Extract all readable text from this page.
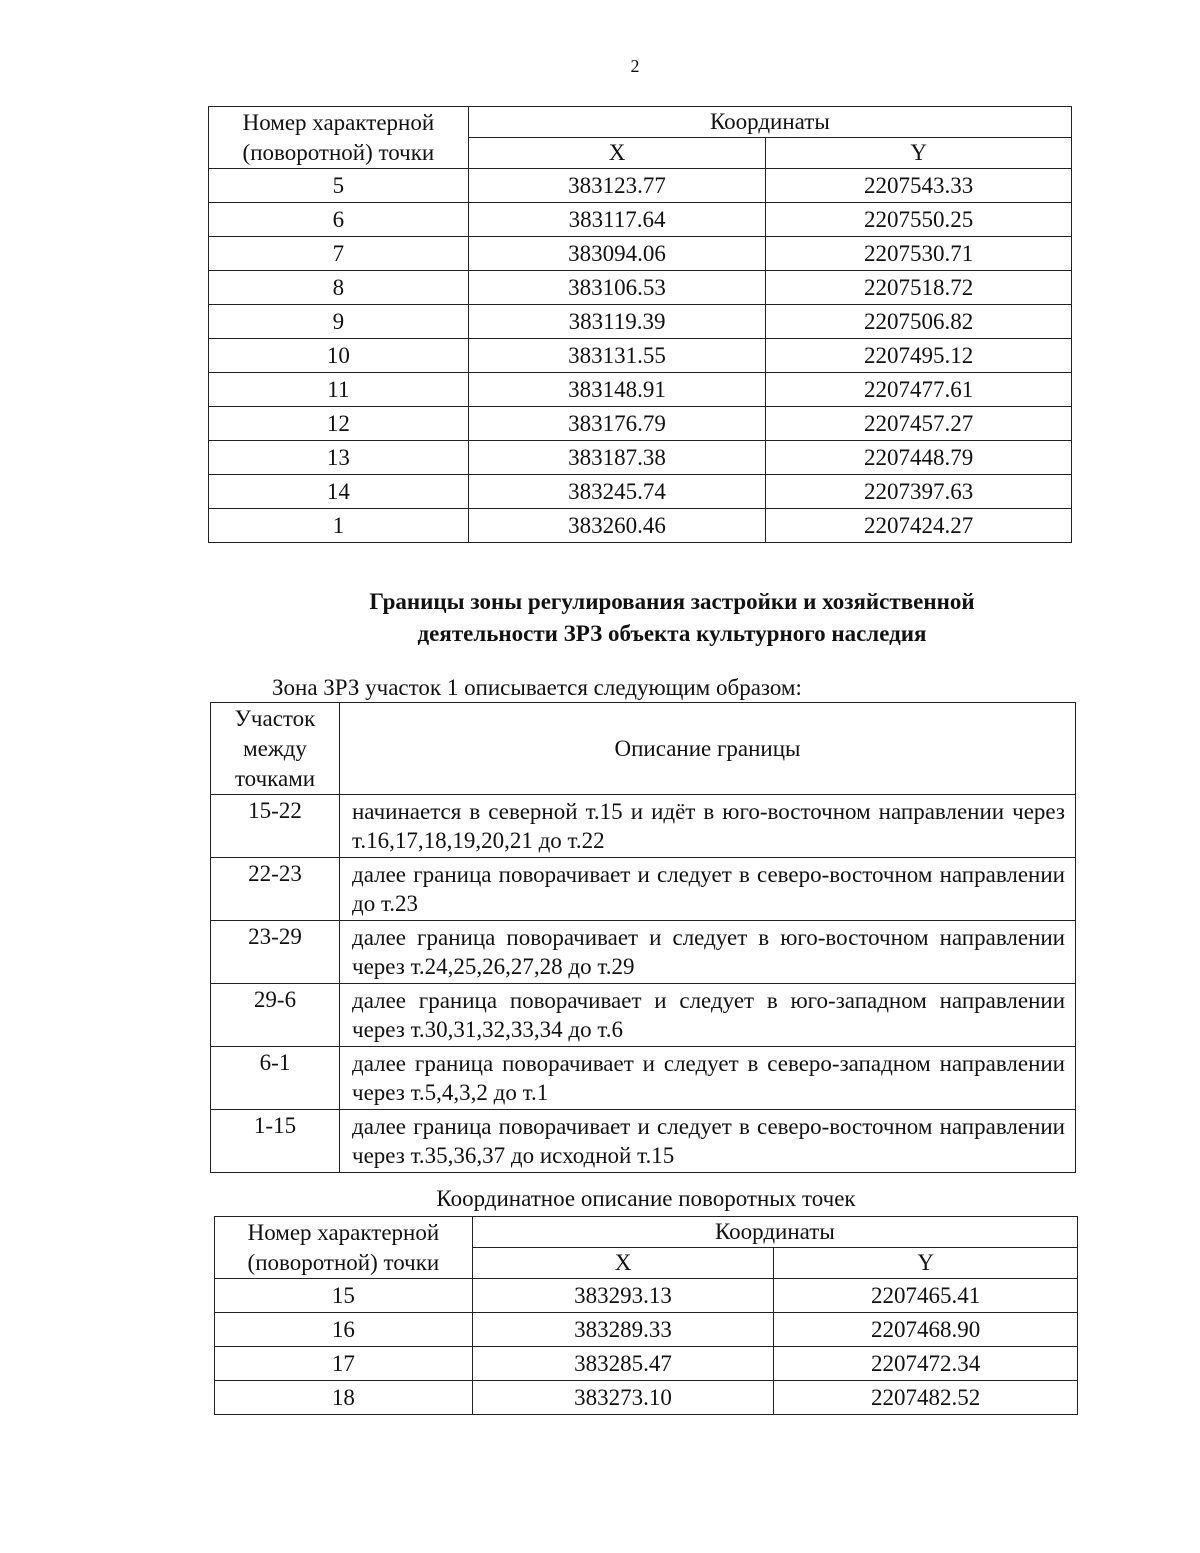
2
Номер характерной (поворотной) точки	Координаты	
	X	Y
5	383123.77	2207543.33
6	383117.64	2207550.25
7	383094.06	2207530.71
8	383106.53	2207518.72
9	383119.39	2207506.82
10	383131.55	2207495.12
11	383148.91	2207477.61
12	383176.79	2207457.27
13	383187.38	2207448.79
14	383245.74	2207397.63
1	383260.46	2207424.27
Границы зоны регулирования застройки и хозяйственной
деятельности ЗРЗ объекта культурного наследия
Зона ЗРЗ участок 1 описывается следующим образом:
Участок между точками	Описание границы
15-22	начинается в северной т.15 и идёт в юго-восточном направлении через т.16,17,18,19,20,21 до т.22
22-23	далее граница поворачивает и следует в северо-восточном направлении до т.23
23-29	далее граница поворачивает и следует в юго-восточном направлении через т.24,25,26,27,28 до т.29
29-6	далее граница поворачивает и следует в юго-западном направлении через т.30,31,32,33,34 до т.6
6-1	далее граница поворачивает и следует в северо-западном направлении через т.5,4,3,2 до т.1
1-15	далее граница поворачивает и следует в северо-восточном направлении через т.35,36,37 до исходной т.15
Координатное описание поворотных точек
Номер характерной (поворотной) точки	Координаты	
	X	Y
15	383293.13	2207465.41
16	383289.33	2207468.90
17	383285.47	2207472.34
18	383273.10	2207482.52
